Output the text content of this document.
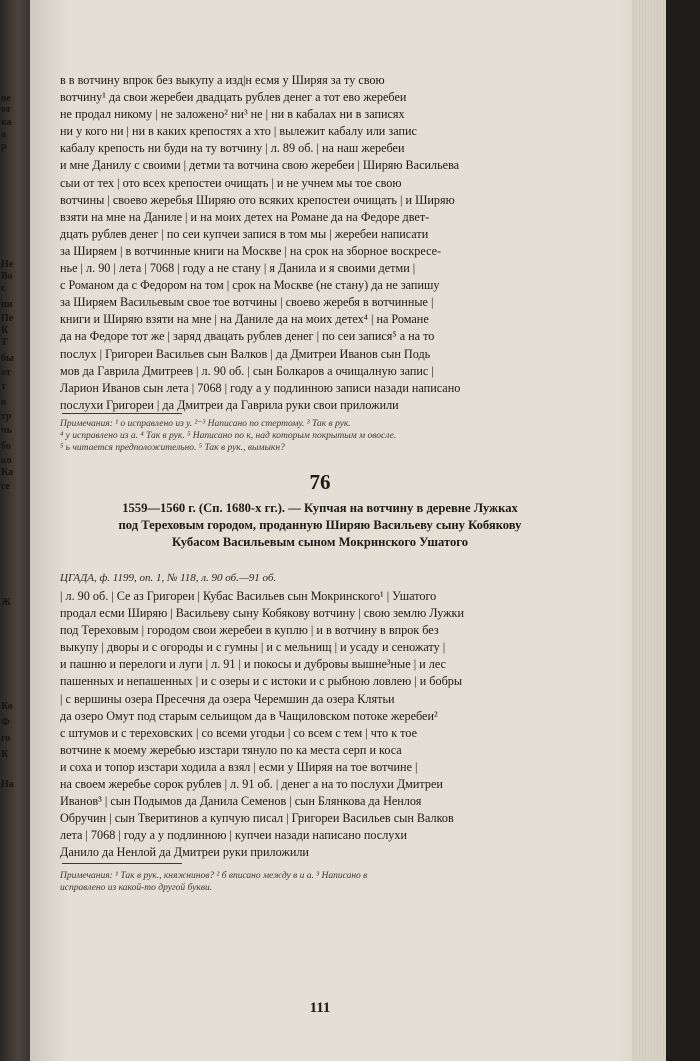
ве
от
ка
а
р
Не
Во
с
пи
Пе
К
Т
бы
от
т
в
тр
чь
бо
ко
Ка
се
Ж
Ко
Ф
го
К
На
в в вотчину впрок без выкупу а изд|н есмя у Ширяя за ту свою
вотчину¹ да свои жеребеи двадцать рублев денег а тот ево жеребеи
не продал никому | не заложено² ни³ не | ни в кабалах ни в записях
ни у кого ни | ни в каких крепостях а хто | вылежит кабалу или запис
кабалу крепость ни буди на ту вотчину | л. 89 об. | на наш жеребеи
и мне Данилу с своими | детми та вотчина свою жеребеи | Ширяю Васильева
сыи от тех | ото всех крепостеи очищать | и не учнем мы тое свою
вотчины | своево жеребья Ширяю ото всяких крепостеи очищать | и Ширяю
взяти на мне на Даниле | и на моих детех на Романе да на Федоре двет-
дцать рублев денег | по сеи купчеи запися в том мы | жеребеи написати
за Ширяем | в вотчинные книги на Москве | на срок на зборное воскресе-
нье | л. 90 | лета | 7068 | году а не стану | я Данила и я своими детми |
с Романом да с Федором на том | срок на Москве (не стану) да не запишу
за Ширяем Васильевым свое тое вотчины | своево жеребя в вотчинные |
книги и Ширяю взяти на мне | на Даниле да на моих детех⁴ | на Романе
да на Федоре тот же | заряд двацать рублев денег | по сеи запися⁵ а на то
послух | Григореи Васильев сын Валков | да Дмитреи Иванов сын Подь
мов да Гаврила Дмитреев | л. 90 об. | сын Болкаров а очищалную запис |
Ларион Иванов сын лета | 7068 | году а у подлинною записи назади написано
послухи Григореи | да Дмитреи да Гаврила руки свои приложили
Примечания: ¹ о исправлено из у. ²⁻³ Написано по стертому. ³ Так в рук.
⁴ у исправлено из а. ⁴ Так в рук. ⁵ Написано по к, над которым покрытым м овосле.
⁵ ь читается предположительно. ⁵ Так в рук., вымыкн?
76
1559—1560 г. (Сп. 1680-х гг.). — Купчая на вотчину в деревне Лужках
под Тереховым городом, проданную Ширяю Васильеву сыну Кобякову
Кубасом Васильевым сыном Мокринского Ушатого
ЦГАДА, ф. 1199, оп. 1, № 118, л. 90 об.—91 об.
| л. 90 об. | Се аз Григореи | Кубас Васильев сын Мокринского¹ | Ушатого
продал есми Ширяю | Васильеву сыну Кобякову вотчину | свою землю Лужки
под Тереховым | городом свои жеребеи в куплю | и в вотчину в впрок без
выкупу | дворы и с огороды и с гумны | и с мельнищ | и усаду и сеножату |
и пашню и перелоги и луги | л. 91 | и покосы и дубровы вышне³ные | и лес
пашенных и непашенных | и с озеры и с истоки и с рыбною ловлею | и бобры
| с вершины озера Пресечня да озера Черемшин да озера Клятьи
да озеро Омут под старым сельищом да в Чащиловском потоке жеребеи²
с штумов и с тереховских | со всеми угодьи | со всем с тем | что к тое
вотчине к моему жеребью изстари тянуло по ка места серп и коса
и соха и топор изстари ходила а взял | есми у Ширяя на тое вотчине |
на своем жеребье сорок рублев | л. 91 об. | денег а на то послухи Дмитреи
Иванов³ | сын Подымов да Данила Семенов | сын Блянкова да Ненлоя
Обручин | сын Тверитинов а купчую писал | Григореи Васильев сын Валков
лета | 7068 | году а у подлинною | купчеи назади написано послухи
Данило да Ненлой да Дмитреи руки приложили
Примечания: ¹ Так в рук., княжнинов? ² б вписано между в и а. ³ Написано в
исправлено из какой-то другой букви.
111
